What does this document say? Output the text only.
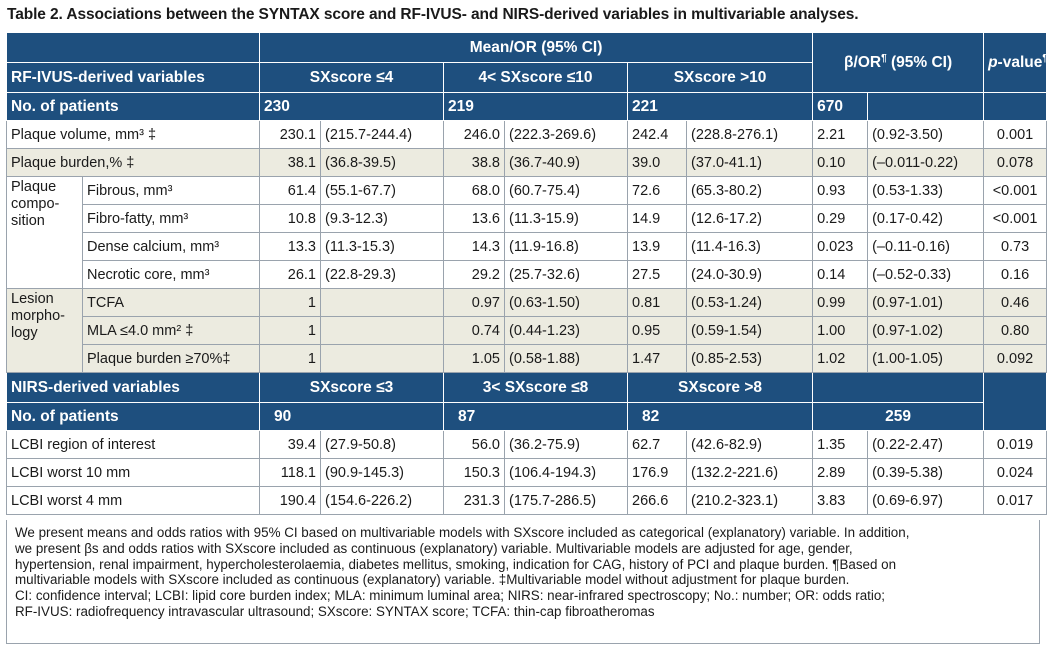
Table 2. Associations between the SYNTAX score and RF-IVUS- and NIRS-derived variables in multivariable analyses.
		Mean/OR (95% CI)						β/OR¶ (95% CI)		p-value¶
RF-IVUS-derived variables		SXscore ≤4		4< SXscore ≤10		SXscore >10				
No. of patients		230		219		221		670		
Plaque volume, mm³ ‡		230.1	(215.7-244.4)	246.0	(222.3-269.6)	242.4	(228.8-276.1)	2.21	(0.92-3.50)	0.001
Plaque burden,% ‡		38.1	(36.8-39.5)	38.8	(36.7-40.9)	39.0	(37.0-41.1)	0.10	(–0.011-0.22)	0.078
Plaque compo-sition	Fibrous, mm³	61.4	(55.1-67.7)	68.0	(60.7-75.4)	72.6	(65.3-80.2)	0.93	(0.53-1.33)	<0.001
	Fibro-fatty, mm³	10.8	(9.3-12.3)	13.6	(11.3-15.9)	14.9	(12.6-17.2)	0.29	(0.17-0.42)	<0.001
	Dense calcium, mm³	13.3	(11.3-15.3)	14.3	(11.9-16.8)	13.9	(11.4-16.3)	0.023	(–0.11-0.16)	0.73
	Necrotic core, mm³	26.1	(22.8-29.3)	29.2	(25.7-32.6)	27.5	(24.0-30.9)	0.14	(–0.52-0.33)	0.16
Lesion morpho-logy	TCFA	1		0.97	(0.63-1.50)	0.81	(0.53-1.24)	0.99	(0.97-1.01)	0.46
	MLA ≤4.0 mm² ‡	1		0.74	(0.44-1.23)	0.95	(0.59-1.54)	1.00	(0.97-1.02)	0.80
	Plaque burden ≥70%‡	1		1.05	(0.58-1.88)	1.47	(0.85-2.53)	1.02	(1.00-1.05)	0.092
NIRS-derived variables		SXscore ≤3		3< SXscore ≤8		SXscore >8				
No. of patients		90		87		82		259		
LCBI region of interest		39.4	(27.9-50.8)	56.0	(36.2-75.9)	62.7	(42.6-82.9)	1.35	(0.22-2.47)	0.019
LCBI worst 10 mm		118.1	(90.9-145.3)	150.3	(106.4-194.3)	176.9	(132.2-221.6)	2.89	(0.39-5.38)	0.024
LCBI worst 4 mm		190.4	(154.6-226.2)	231.3	(175.7-286.5)	266.6	(210.2-323.1)	3.83	(0.69-6.97)	0.017

We present means and odds ratios with 95% CI based on multivariable models with SXscore included as categorical (explanatory) variable. In addition,

we present βs and odds ratios with SXscore included as continuous (explanatory) variable. Multivariable models are adjusted for age, gender,

hypertension, renal impairment, hypercholesterolaemia, diabetes mellitus, smoking, indication for CAG, history of PCI and plaque burden. ¶Based on

multivariable models with SXscore included as continuous (explanatory) variable. ‡Multivariable model without adjustment for plaque burden.

CI: confidence interval; LCBI: lipid core burden index; MLA: minimum luminal area; NIRS: near-infrared spectroscopy; No.: number; OR: odds ratio;

RF-IVUS: radiofrequency intravascular ultrasound; SXscore: SYNTAX score; TCFA: thin-cap fibroatheromas
